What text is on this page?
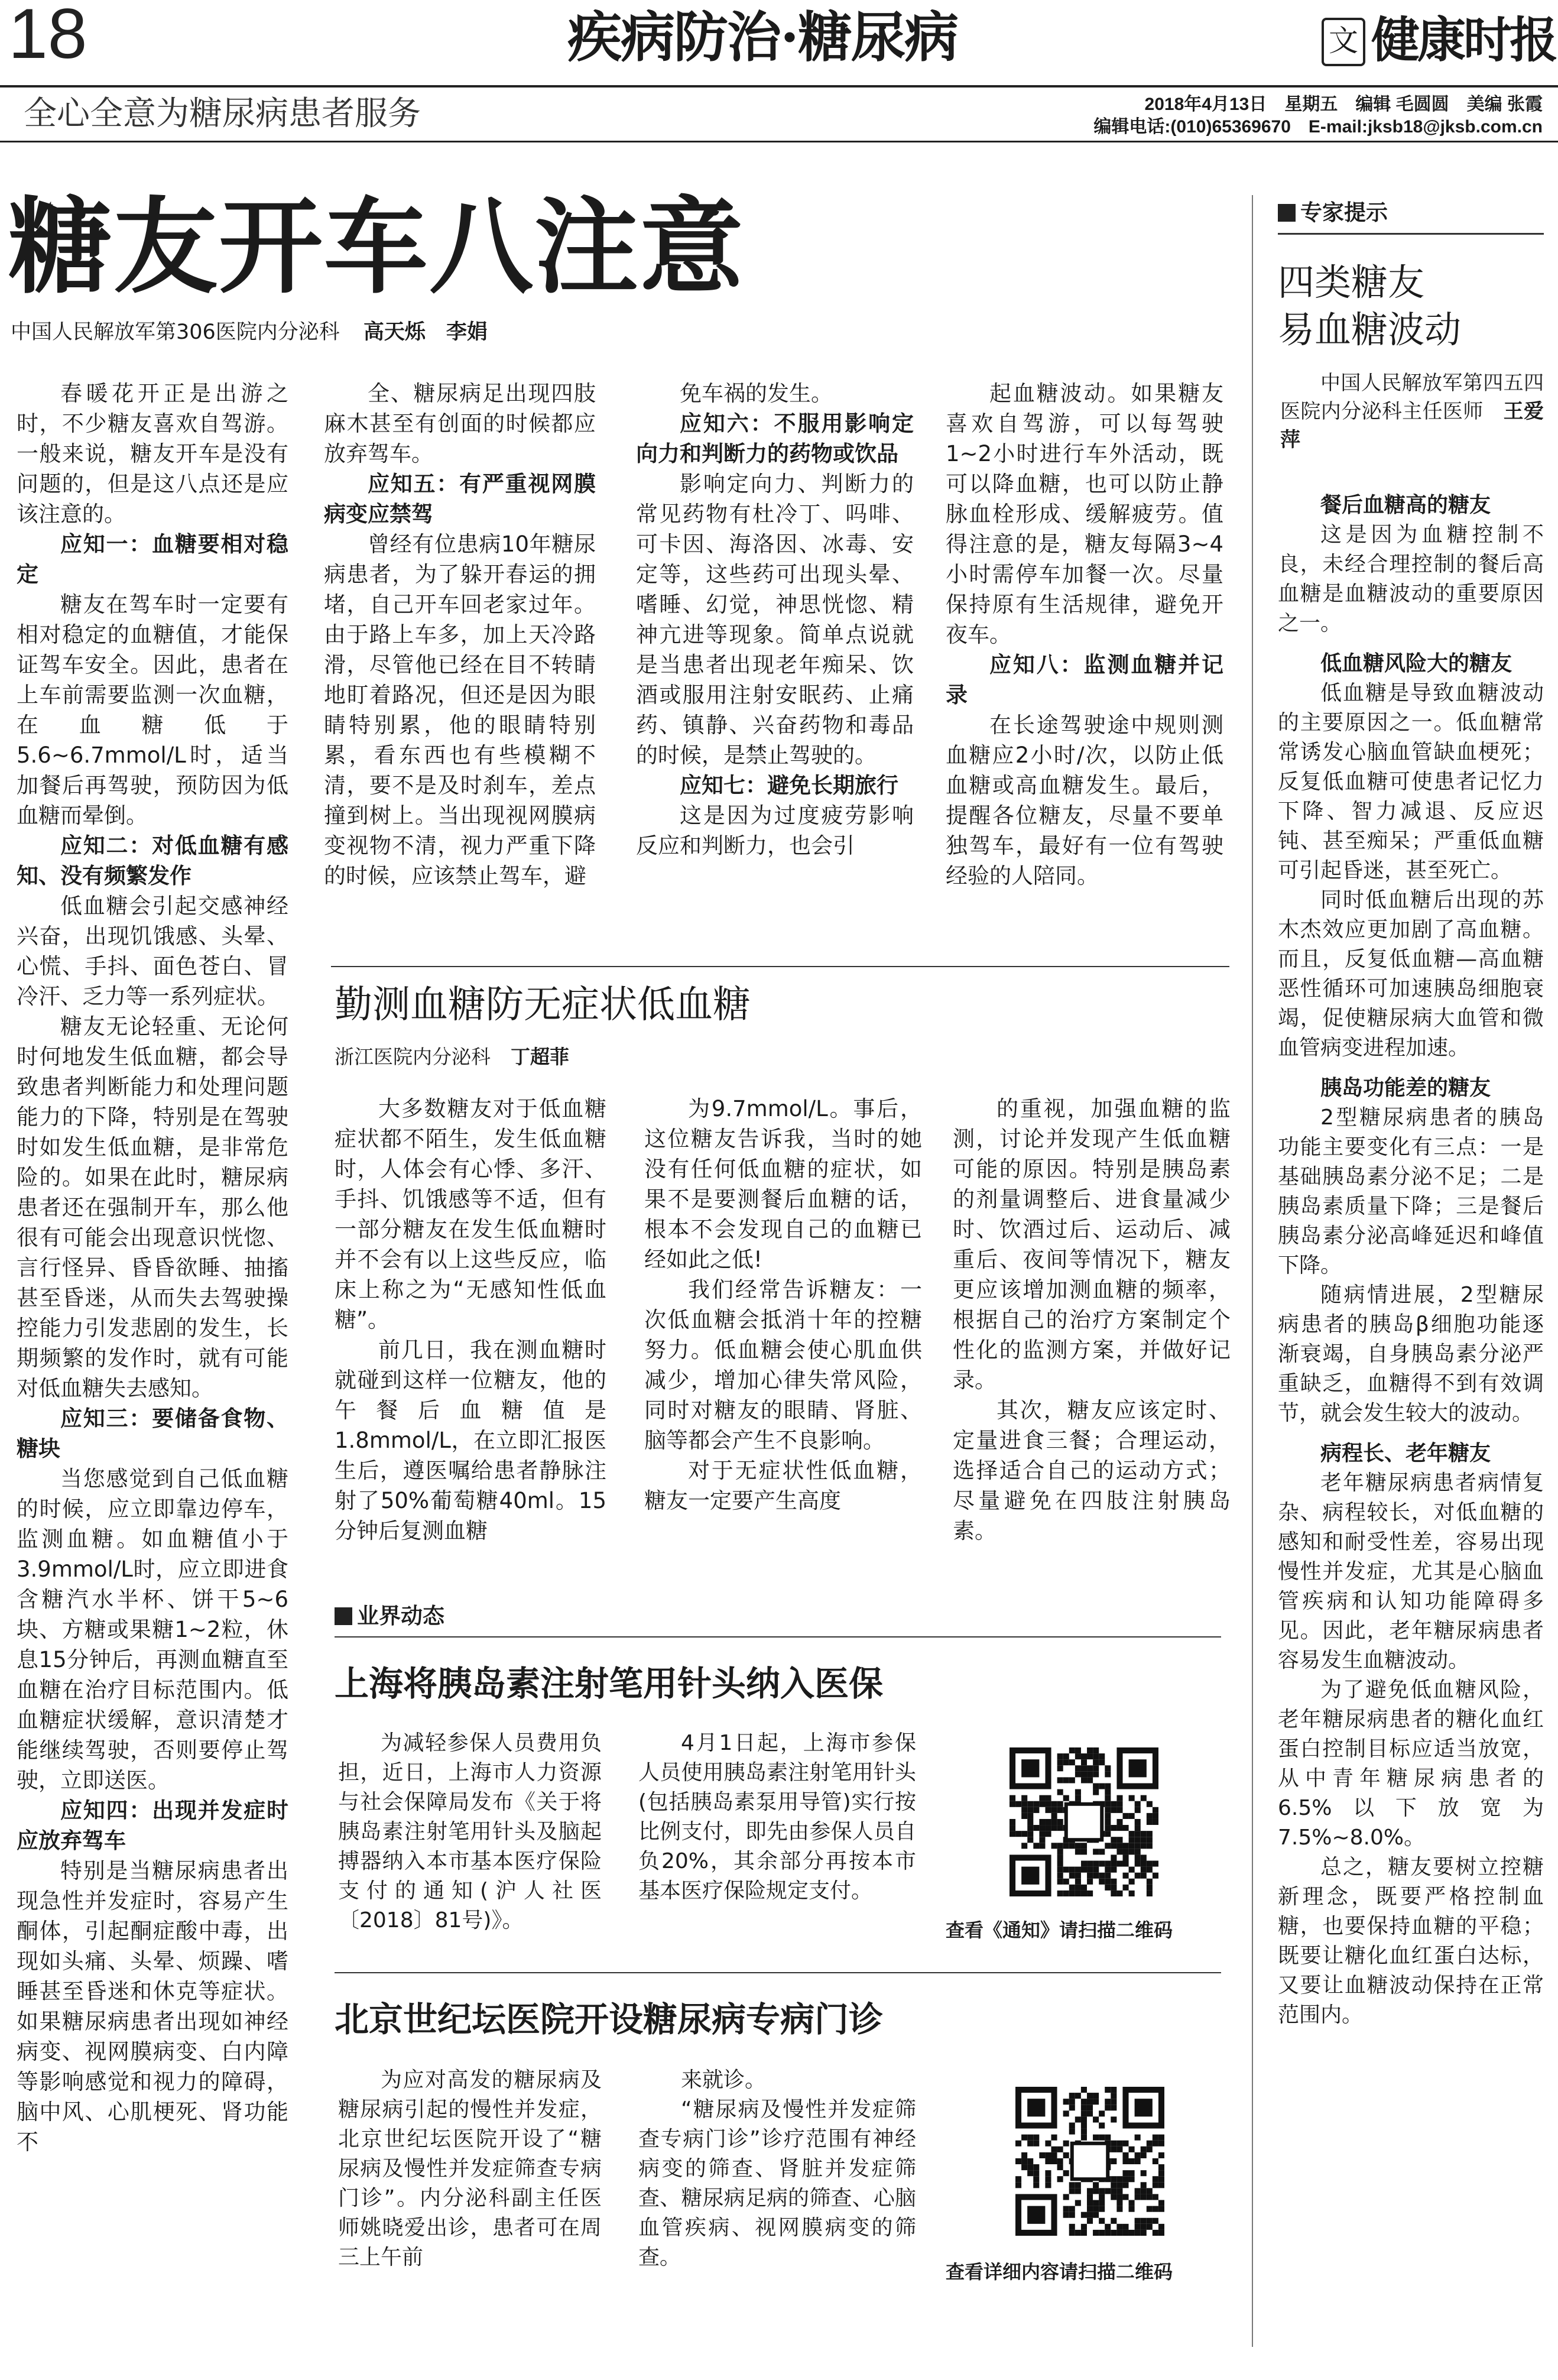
18	疾病防治·糖尿病	文 健康时报
全心全意为糖尿病患者服务	2018年4月13日　星期五　编辑 毛圆圆　美编 张霞
编辑电话:(010)65369670　E-mail:jksb18@jksb.com.cn
糖友开车八注意
中国人民解放军第306医院内分泌科 高天烁　李娟

春暖花开正是出游之时，不少糖友喜欢自驾游。一般来说，糖友开车是没有问题的，但是这八点还是应该注意的。

应知一：血糖要相对稳定

糖友在驾车时一定要有相对稳定的血糖值，才能保证驾车安全。因此，患者在上车前需要监测一次血糖，在血糖低于5.6~6.7mmol/L时，适当加餐后再驾驶，预防因为低血糖而晕倒。

应知二：对低血糖有感知、没有频繁发作

低血糖会引起交感神经兴奋，出现饥饿感、头晕、心慌、手抖、面色苍白、冒冷汗、乏力等一系列症状。

糖友无论轻重、无论何时何地发生低血糖，都会导致患者判断能力和处理问题能力的下降，特别是在驾驶时如发生低血糖，是非常危险的。如果在此时，糖尿病患者还在强制开车，那么他很有可能会出现意识恍惚、言行怪异、昏昏欲睡、抽搐甚至昏迷，从而失去驾驶操控能力引发悲剧的发生，长期频繁的发作时，就有可能对低血糖失去感知。

应知三：要储备食物、糖块

当您感觉到自己低血糖的时候，应立即靠边停车，监测血糖。如血糖值小于3.9mmol/L时，应立即进食含糖汽水半杯、饼干5~6块、方糖或果糖1~2粒，休息15分钟后，再测血糖直至血糖在治疗目标范围内。低血糖症状缓解，意识清楚才能继续驾驶，否则要停止驾驶，立即送医。

应知四：出现并发症时应放弃驾车

特别是当糖尿病患者出现急性并发症时，容易产生酮体，引起酮症酸中毒，出现如头痛、头晕、烦躁、嗜睡甚至昏迷和休克等症状。如果糖尿病患者出现如神经病变、视网膜病变、白内障等影响感觉和视力的障碍，脑中风、心肌梗死、肾功能不

全、糖尿病足出现四肢麻木甚至有创面的时候都应放弃驾车。

应知五：有严重视网膜病变应禁驾

曾经有位患病10年糖尿病患者，为了躲开春运的拥堵，自己开车回老家过年。由于路上车多，加上天冷路滑，尽管他已经在目不转睛地盯着路况，但还是因为眼睛特别累，他的眼睛特别累，看东西也有些模糊不清，要不是及时刹车，差点撞到树上。当出现视网膜病变视物不清，视力严重下降的时候，应该禁止驾车，避

免车祸的发生。

应知六：不服用影响定向力和判断力的药物或饮品

影响定向力、判断力的常见药物有杜冷丁、吗啡、可卡因、海洛因、冰毒、安定等，这些药可出现头晕、嗜睡、幻觉，神思恍惚、精神亢进等现象。简单点说就是当患者出现老年痴呆、饮酒或服用注射安眠药、止痛药、镇静、兴奋药物和毒品的时候，是禁止驾驶的。

应知七：避免长期旅行

这是因为过度疲劳影响反应和判断力，也会引

起血糖波动。如果糖友喜欢自驾游，可以每驾驶1~2小时进行车外活动，既可以降血糖，也可以防止静脉血栓形成、缓解疲劳。值得注意的是，糖友每隔3~4小时需停车加餐一次。尽量保持原有生活规律，避免开夜车。

应知八：监测血糖并记录

在长途驾驶途中规则测血糖应2小时/次，以防止低血糖或高血糖发生。最后，提醒各位糖友，尽量不要单独驾车，最好有一位有驾驶经验的人陪同。

勤测血糖防无症状低血糖
浙江医院内分泌科 丁超菲

大多数糖友对于低血糖症状都不陌生，发生低血糖时，人体会有心悸、多汗、手抖、饥饿感等不适，但有一部分糖友在发生低血糖时并不会有以上这些反应，临床上称之为“无感知性低血糖”。

前几日，我在测血糖时就碰到这样一位糖友，他的午餐后血糖值是1.8mmol/L，在立即汇报医生后，遵医嘱给患者静脉注射了50%葡萄糖40ml。15分钟后复测血糖

为9.7mmol/L。事后，这位糖友告诉我，当时的她没有任何低血糖的症状，如果不是要测餐后血糖的话，根本不会发现自己的血糖已经如此之低!

我们经常告诉糖友：一次低血糖会抵消十年的控糖努力。低血糖会使心肌血供减少，增加心律失常风险，同时对糖友的眼睛、肾脏、脑等都会产生不良影响。

对于无症状性低血糖，糖友一定要产生高度

的重视，加强血糖的监测，讨论并发现产生低血糖可能的原因。特别是胰岛素的剂量调整后、进食量减少时、饮酒过后、运动后、减重后、夜间等情况下，糖友更应该增加测血糖的频率，根据自己的治疗方案制定个性化的监测方案，并做好记录。

其次，糖友应该定时、定量进食三餐；合理运动，选择适合自己的运动方式；尽量避免在四肢注射胰岛素。

业界动态
上海将胰岛素注射笔用针头纳入医保

为减轻参保人员费用负担，近日，上海市人力资源与社会保障局发布《关于将胰岛素注射笔用针头及脑起搏器纳入本市基本医疗保险支付的通知(沪人社医〔2018〕81号)》。

4月1日起，上海市参保人员使用胰岛素注射笔用针头(包括胰岛素泵用导管)实行按比例支付，即先由参保人员自负20%，其余部分再按本市基本医疗保险规定支付。

查看《通知》请扫描二维码
北京世纪坛医院开设糖尿病专病门诊

为应对高发的糖尿病及糖尿病引起的慢性并发症，北京世纪坛医院开设了“糖尿病及慢性并发症筛查专病门诊”。内分泌科副主任医师姚晓爱出诊，患者可在周三上午前

来就诊。

“糖尿病及慢性并发症筛查专病门诊”诊疗范围有神经病变的筛查、肾脏并发症筛查、糖尿病足病的筛查、心脑血管疾病、视网膜病变的筛查。

查看详细内容请扫描二维码
专家提示
四类糖友
易血糖波动
中国人民解放军第四五四医院内分泌科主任医师 王爱萍

餐后血糖高的糖友

这是因为血糖控制不良，未经合理控制的餐后高血糖是血糖波动的重要原因之一。

低血糖风险大的糖友

低血糖是导致血糖波动的主要原因之一。低血糖常常诱发心脑血管缺血梗死；反复低血糖可使患者记忆力下降、智力减退、反应迟钝、甚至痴呆；严重低血糖可引起昏迷，甚至死亡。

同时低血糖后出现的苏木杰效应更加剧了高血糖。而且，反复低血糖—高血糖恶性循环可加速胰岛细胞衰竭，促使糖尿病大血管和微血管病变进程加速。

胰岛功能差的糖友

2型糖尿病患者的胰岛功能主要变化有三点：一是基础胰岛素分泌不足；二是胰岛素质量下降；三是餐后胰岛素分泌高峰延迟和峰值下降。

随病情进展，2型糖尿病患者的胰岛β细胞功能逐渐衰竭，自身胰岛素分泌严重缺乏，血糖得不到有效调节，就会发生较大的波动。

病程长、老年糖友

老年糖尿病患者病情复杂、病程较长，对低血糖的感知和耐受性差，容易出现慢性并发症，尤其是心脑血管疾病和认知功能障碍多见。因此，老年糖尿病患者容易发生血糖波动。

为了避免低血糖风险，老年糖尿病患者的糖化血红蛋白控制目标应适当放宽，从中青年糖尿病患者的6.5%以下放宽为7.5%~8.0%。

总之，糖友要树立控糖新理念，既要严格控制血糖，也要保持血糖的平稳；既要让糖化血红蛋白达标，又要让血糖波动保持在正常范围内。
